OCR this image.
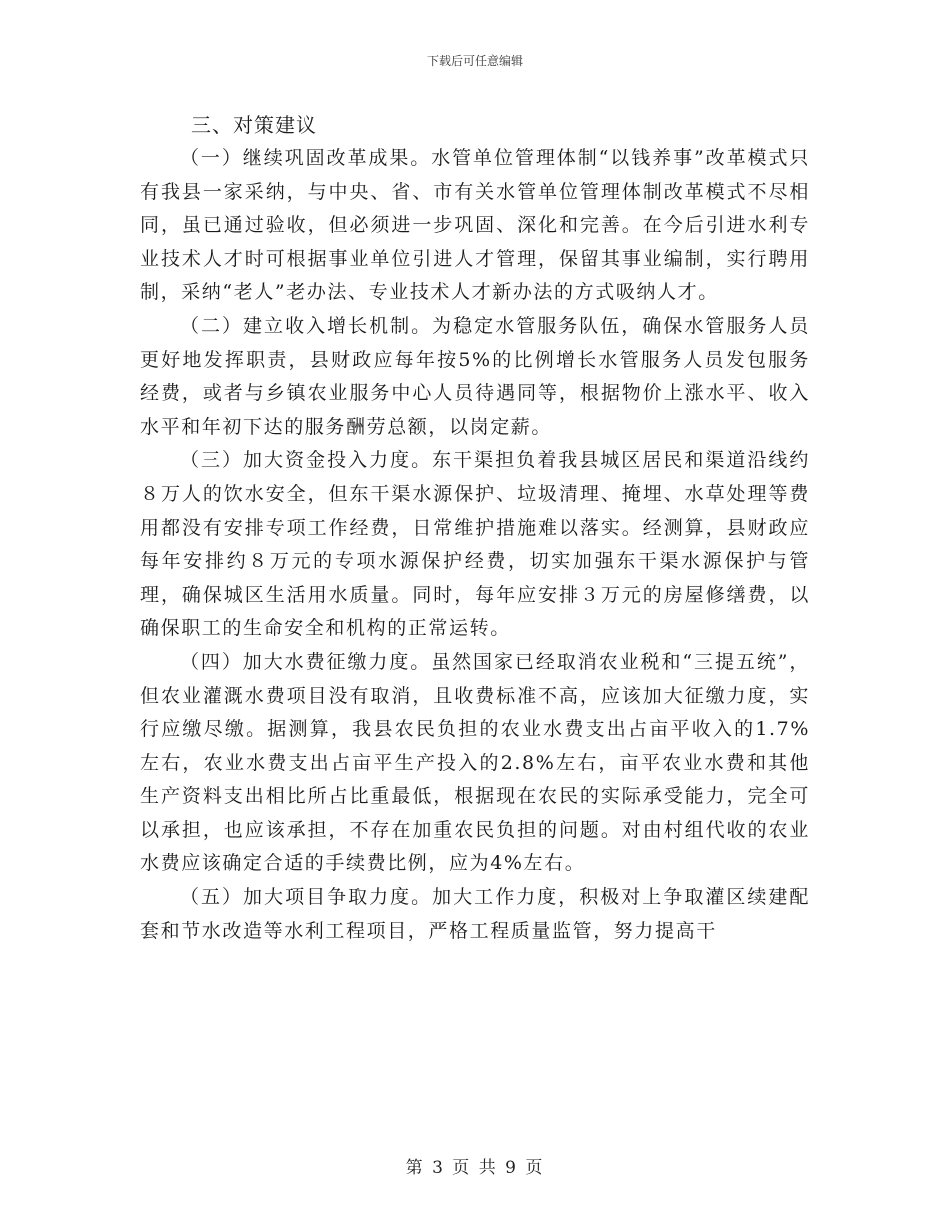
下载后可任意编辑

三、对策建议

（一）继续巩固改革成果。水管单位管理体制“以钱养事”改革模式只有我县一家采纳，与中央、省、市有关水管单位管理体制改革模式不尽相同，虽已通过验收，但必须进一步巩固、深化和完善。在今后引进水利专业技术人才时可根据事业单位引进人才管理，保留其事业编制，实行聘用制，采纳“老人”老办法、专业技术人才新办法的方式吸纳人才。

（二）建立收入增长机制。为稳定水管服务队伍，确保水管服务人员更好地发挥职责，县财政应每年按5%的比例增长水管服务人员发包服务经费，或者与乡镇农业服务中心人员待遇同等，根据物价上涨水平、收入水平和年初下达的服务酬劳总额，以岗定薪。

（三）加大资金投入力度。东干渠担负着我县城区居民和渠道沿线约８万人的饮水安全，但东干渠水源保护、垃圾清理、掩埋、水草处理等费用都没有安排专项工作经费，日常维护措施难以落实。经测算，县财政应每年安排约８万元的专项水源保护经费，切实加强东干渠水源保护与管理，确保城区生活用水质量。同时，每年应安排３万元的房屋修缮费，以确保职工的生命安全和机构的正常运转。

（四）加大水费征缴力度。虽然国家已经取消农业税和“三提五统”，但农业灌溉水费项目没有取消，且收费标准不高，应该加大征缴力度，实行应缴尽缴。据测算，我县农民负担的农业水费支出占亩平收入的1.7%左右，农业水费支出占亩平生产投入的2.8%左右，亩平农业水费和其他生产资料支出相比所占比重最低，根据现在农民的实际承受能力，完全可以承担，也应该承担，不存在加重农民负担的问题。对由村组代收的农业水费应该确定合适的手续费比例，应为4%左右。

（五）加大项目争取力度。加大工作力度，积极对上争取灌区续建配套和节水改造等水利工程项目，严格工程质量监管，努力提高干

第 3 页 共 9 页
